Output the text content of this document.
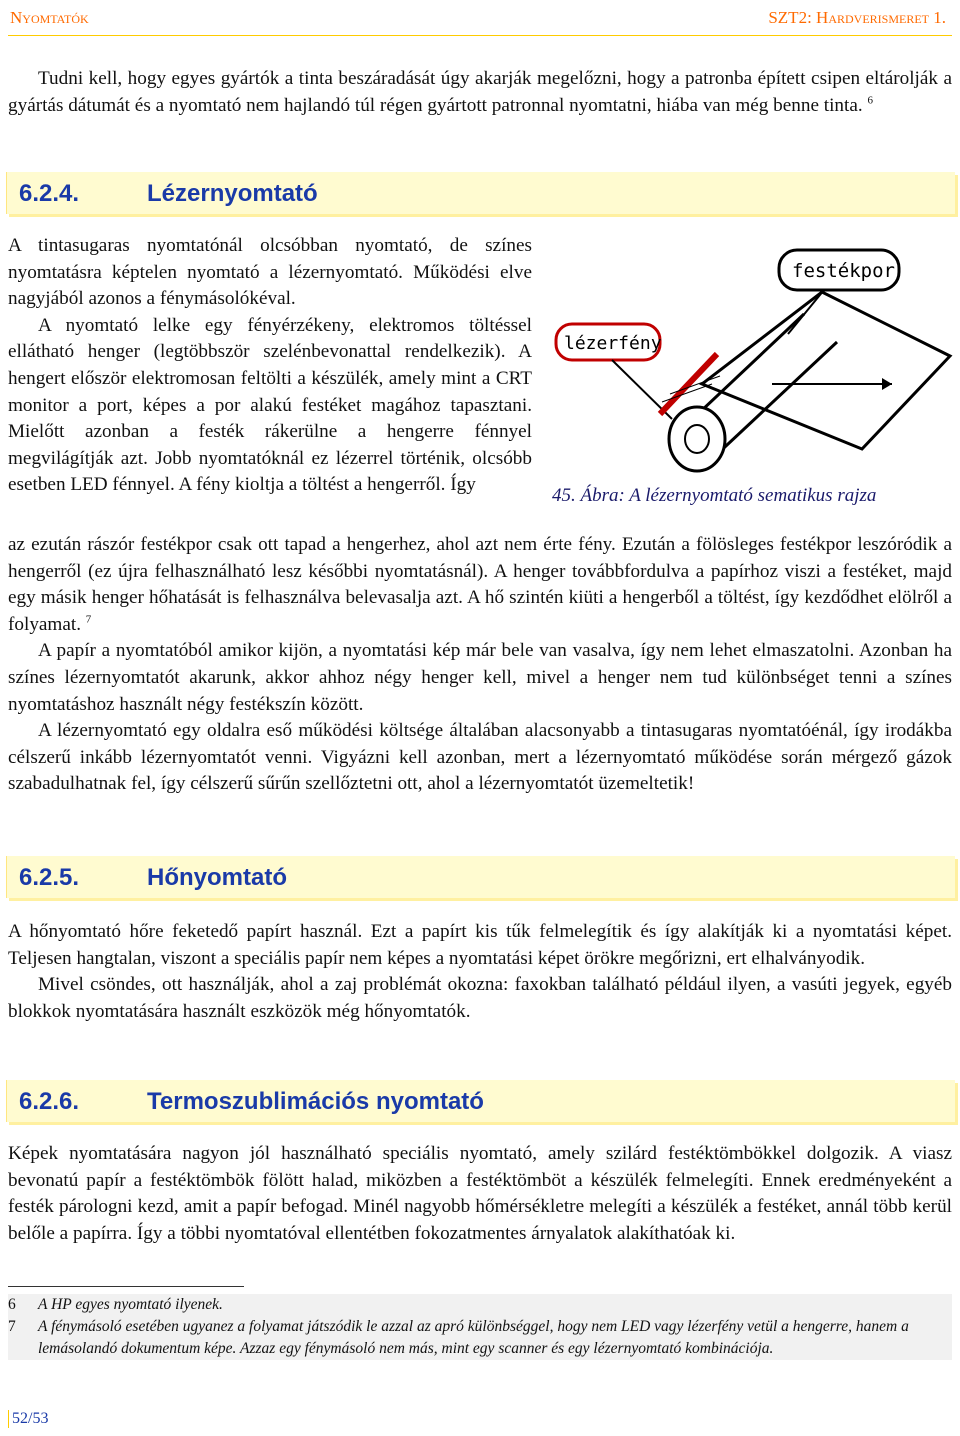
Nyomtatók	SZT2: Hardverismeret 1.
Tudni kell, hogy egyes gyártók a tinta beszáradását úgy akarják megelőzni, hogy a patronba épített csipen eltárolják a gyártás dátumát és a nyomtató nem hajlandó túl régen gyártott patronnal nyomtatni, hiába van még benne tinta. $^6$
6.2.4.	Lézernyomtató
A tintasugaras nyomtatónál olcsóbban nyomtató, de színes nyomtatásra képtelen nyomtató a lézernyomtató. Működési elve nagyjából azonos a fénymásolókéval.
A nyomtató lelke egy fényérzékeny, elektromos töltéssel ellátható henger (legtöbbször szelénbevonattal rendelkezik). A hengert először elektromosan feltölti a készülék, amely mint a CRT monitor a port, képes a por alakú festéket magához tapasztani. Mielőtt azonban a festék rákerülne a hengerre fénnyel megvilágítják azt. Jobb nyomtatóknál ez lézerrel történik, olcsóbb esetben LED fénnyel. A fény kioltja a töltést a hengerről. Így
festékpor
lézerfény
45. Ábra: A lézernyomtató sematikus rajza
az ezután rászór festékpor csak ott tapad a hengerhez, ahol azt nem érte fény. Ezután a fölösleges festékpor leszóródik a hengerről (ez újra felhasználható lesz későbbi nyomtatásnál). A henger továbbfordulva a papírhoz viszi a festéket, majd egy másik henger hőhatását is felhasználva belevasalja azt. A hő szintén kiüti a hengerből a töltést, így kezdődhet elölről a folyamat. $^7$
A papír a nyomtatóból amikor kijön, a nyomtatási kép már bele van vasalva, így nem lehet elmaszatolni. Azonban ha színes lézernyomtatót akarunk, akkor ahhoz négy henger kell, mivel a henger nem tud különbséget tenni a színes nyomtatáshoz használt négy festékszín között.
A lézernyomtató egy oldalra eső működési költsége általában alacsonyabb a tintasugaras nyomtatóénál, így irodákba célszerű inkább lézernyomtatót venni. Vigyázni kell azonban, mert a lézernyomtató működése során mérgező gázok szabadulhatnak fel, így célszerű sűrűn szellőztetni ott, ahol a lézernyomtatót üzemeltetik!
6.2.5.	Hőnyomtató
A hőnyomtató hőre feketedő papírt használ. Ezt a papírt kis tűk felmelegítik és így alakítják ki a nyomtatási képet. Teljesen hangtalan, viszont a speciális papír nem képes a nyomtatási képet örökre megőrizni, ert elhalványodik.
Mivel csöndes, ott használják, ahol a zaj problémát okozna: faxokban található például ilyen, a vasúti jegyek, egyéb blokkok nyomtatására használt eszközök még hőnyomtatók.
6.2.6.	Termoszublimációs nyomtató
Képek nyomtatására nagyon jól használható speciális nyomtató, amely szilárd festéktömbökkel dolgozik. A viasz bevonatú papír a festéktömbök fölött halad, miközben a festéktömböt a készülék felmelegíti. Ennek eredményeként a festék párologni kezd, amit a papír befogad. Minél nagyobb hőmérsékletre melegíti a készülék a festéket, annál több kerül belőle a papírra. Így a többi nyomtatóval ellentétben fokozatmentes árnyalatok alakíthatóak ki.
6	A HP egyes nyomtató ilyenek.
7	A fénymásoló esetében ugyanez a folyamat játszódik le azzal az apró különbséggel, hogy nem LED vagy lézerfény vetül a hengerre, hanem a lemásolandó dokumentum képe. Azzaz egy fénymásoló nem más, mint egy scanner és egy lézernyomtató kombinációja.
52/53
